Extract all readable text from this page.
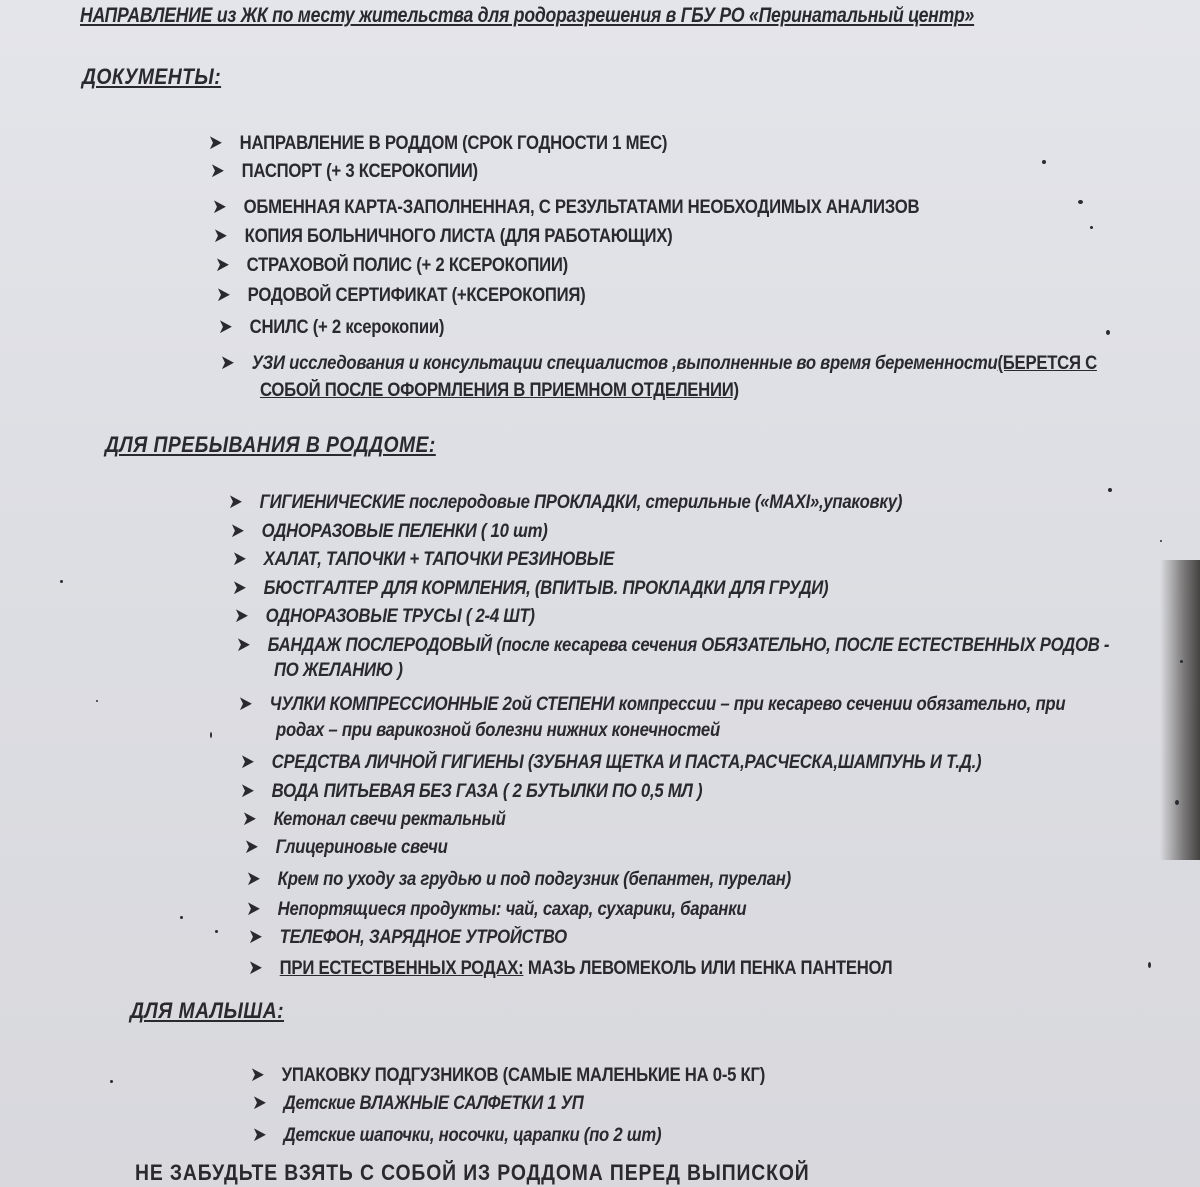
НАПРАВЛЕНИЕ из ЖК по месту жительства для родоразрешения в ГБУ РО «Перинатальный центр»
ДОКУМЕНТЫ:
➤ НАПРАВЛЕНИЕ В РОДДОМ (СРОК ГОДНОСТИ 1 МЕС)
➤ ПАСПОРТ (+ 3 КСЕРОКОПИИ)
➤ ОБМЕННАЯ КАРТА-ЗАПОЛНЕННАЯ, С РЕЗУЛЬТАТАМИ НЕОБХОДИМЫХ АНАЛИЗОВ
➤ КОПИЯ БОЛЬНИЧНОГО ЛИСТА (ДЛЯ РАБОТАЮЩИХ)
➤ СТРАХОВОЙ ПОЛИС (+ 2 КСЕРОКОПИИ)
➤ РОДОВОЙ СЕРТИФИКАТ (+КСЕРОКОПИЯ)
➤ СНИЛС (+ 2 ксерокопии)
➤ УЗИ исследования и консультации специалистов ,выполненные во время беременности(БЕРЕТСЯ С
СОБОЙ ПОСЛЕ ОФОРМЛЕНИЯ В ПРИЕМНОМ ОТДЕЛЕНИИ)
ДЛЯ ПРЕБЫВАНИЯ В РОДДОМЕ:
➤ ГИГИЕНИЧЕСКИЕ послеродовые ПРОКЛАДКИ, стерильные («MAXI»,упаковку)
➤ ОДНОРАЗОВЫЕ ПЕЛЕНКИ ( 10 шт)
➤ ХАЛАТ, ТАПОЧКИ + ТАПОЧКИ РЕЗИНОВЫЕ
➤ БЮСТГАЛТЕР ДЛЯ КОРМЛЕНИЯ, (ВПИТЫВ. ПРОКЛАДКИ ДЛЯ ГРУДИ)
➤ ОДНОРАЗОВЫЕ ТРУСЫ ( 2-4 ШТ)
➤ БАНДАЖ ПОСЛЕРОДОВЫЙ (после кесарева сечения ОБЯЗАТЕЛЬНО, ПОСЛЕ ЕСТЕСТВЕННЫХ РОДОВ -
ПО ЖЕЛАНИЮ )
➤ ЧУЛКИ КОМПРЕССИОННЫЕ 2ой СТЕПЕНИ компрессии – при кесарево сечении обязательно, при
родах – при варикозной болезни нижних конечностей
➤ СРЕДСТВА ЛИЧНОЙ ГИГИЕНЫ (ЗУБНАЯ ЩЕТКА И ПАСТА,РАСЧЕСКА,ШАМПУНЬ И Т.Д.)
➤ ВОДА ПИТЬЕВАЯ БЕЗ ГАЗА ( 2 БУТЫЛКИ ПО 0,5 МЛ )
➤ Кетонал свечи ректальный
➤ Глицериновые свечи
➤ Крем по уходу за грудью и под подгузник (бепантен, пурелан)
➤ Непортящиеся продукты: чай, сахар, сухарики, баранки
➤ ТЕЛЕФОН, ЗАРЯДНОЕ УТРОЙСТВО
➤ ПРИ ЕСТЕСТВЕННЫХ РОДАХ: МАЗЬ ЛЕВОМЕКОЛЬ ИЛИ ПЕНКА ПАНТЕНОЛ
ДЛЯ МАЛЫША:
➤ УПАКОВКУ ПОДГУЗНИКОВ (САМЫЕ МАЛЕНЬКИЕ НА 0-5 КГ)
➤ Детские ВЛАЖНЫЕ САЛФЕТКИ 1 УП
➤ Детские шапочки, носочки, царапки (по 2 шт)
НЕ ЗАБУДЬТЕ ВЗЯТЬ С СОБОЙ ИЗ РОДДОМА ПЕРЕД ВЫПИСКОЙ
